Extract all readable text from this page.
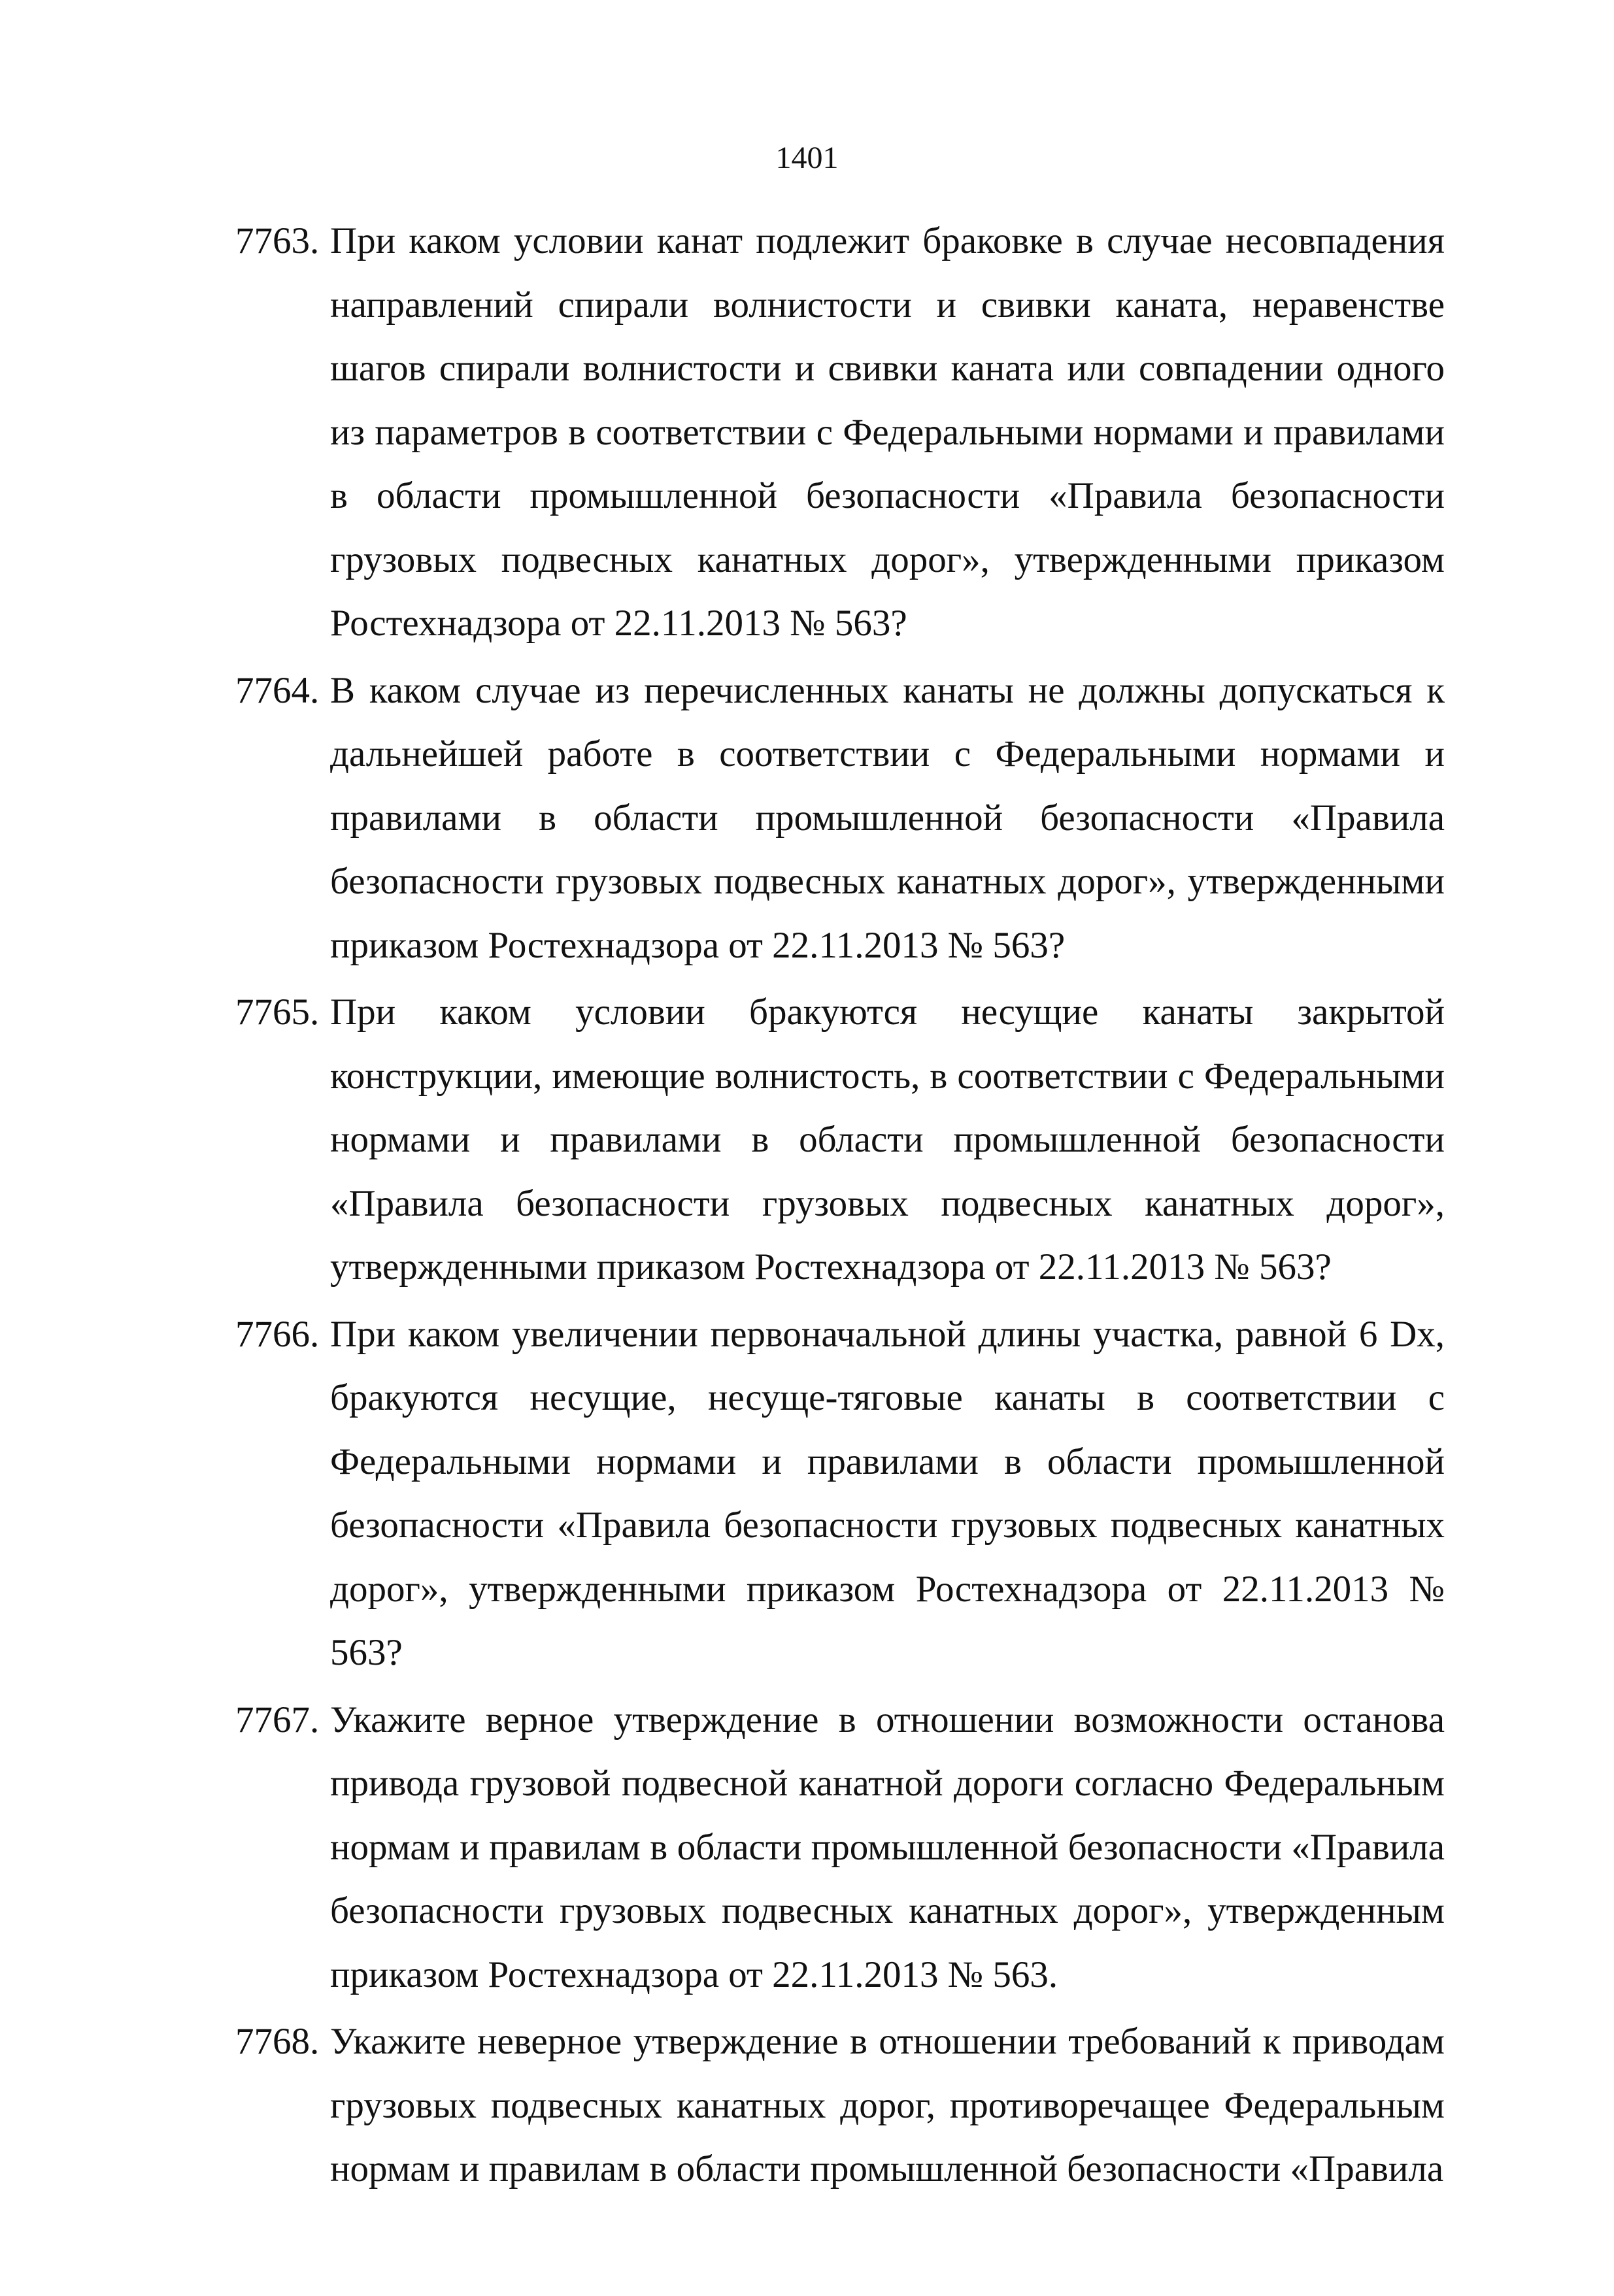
1401
7763. При каком условии канат подлежит браковке в случае несовпадения направлений спирали волнистости и свивки каната, неравенстве шагов спирали волнистости и свивки каната или совпадении одного из параметров в соответствии с Федеральными нормами и правилами в области промышленной безопасности «Правила безопасности грузовых подвесных канатных дорог», утвержденными приказом Ростехнадзора от 22.11.2013 № 563?
7764. В каком случае из перечисленных канаты не должны допускаться к дальнейшей работе в соответствии с Федеральными нормами и правилами в области промышленной безопасности «Правила безопасности грузовых подвесных канатных дорог», утвержденными приказом Ростехнадзора от 22.11.2013 № 563?
7765. При каком условии бракуются несущие канаты закрытой конструкции, имеющие волнистость, в соответствии с Федеральными нормами и правилами в области промышленной безопасности «Правила безопасности грузовых подвесных канатных дорог», утвержденными приказом Ростехнадзора от 22.11.2013 № 563?
7766. При каком увеличении первоначальной длины участка, равной 6 Dх, бракуются несущие, несуще-тяговые канаты в соответствии с Федеральными нормами и правилами в области промышленной безопасности «Правила безопасности грузовых подвесных канатных дорог», утвержденными приказом Ростехнадзора от 22.11.2013 № 563?
7767. Укажите верное утверждение в отношении возможности останова привода грузовой подвесной канатной дороги согласно Федеральным нормам и правилам в области промышленной безопасности «Правила безопасности грузовых подвесных канатных дорог», утвержденным приказом Ростехнадзора от 22.11.2013 № 563.
7768. Укажите неверное утверждение в отношении требований к приводам грузовых подвесных канатных дорог, противоречащее Федеральным нормам и правилам в области промышленной безопасности «Правила
